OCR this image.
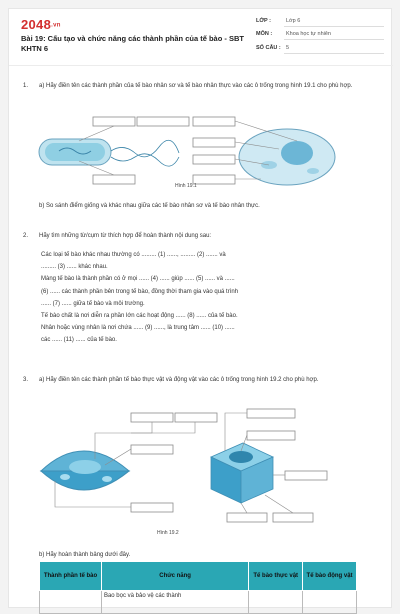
2048.vn
Bài 19: Cấu tạo và chức năng các thành phần của tế bào - SBT KHTN 6
LỚP :	Lớp 6
MÔN :	Khoa học tự nhiên
SỐ CÂU : 5
1. a) Hãy điền tên các thành phần của tế bào nhân sơ và tế bào nhân thực vào các ô trống trong hình 19.1 cho phù hợp.
Hình 19.1
b) So sánh điểm giống và khác nhau giữa các tế bào nhân sơ và tế bào nhân thực.
2. Hãy tìm những từ/cụm từ thích hợp để hoàn thành nội dung sau:
Các loại tế bào khác nhau thường có ......... (1) ......, ......... (2) ....... và
......... (3) ...... khác nhau.
Màng tế bào là thành phần có ở mọi ...... (4) ...... giúp ...... (5) ...... và ......
(6) ...... các thành phần bên trong tế bào, đồng thời tham gia vào quá trình
...... (7) ...... giữa tế bào và môi trường.
Tế bào chất là nơi diễn ra phần lớn các hoạt động ...... (8) ...... của tế bào.
Nhân hoặc vùng nhân là nơi chứa ...... (9) ......, là trung tâm ...... (10) ......
các ...... (11) ...... của tế bào.
3. a) Hãy điền tên các thành phần tế bào thực vật và động vật vào các ô trống trong hình 19.2 cho phù hợp.
Hình 19.2
b) Hãy hoàn thành bảng dưới đây.
Thành phần tế bào	Chức năng	Tế bào thực vật	Tế bào động vật
	Bao bọc và bảo vệ các thành		
